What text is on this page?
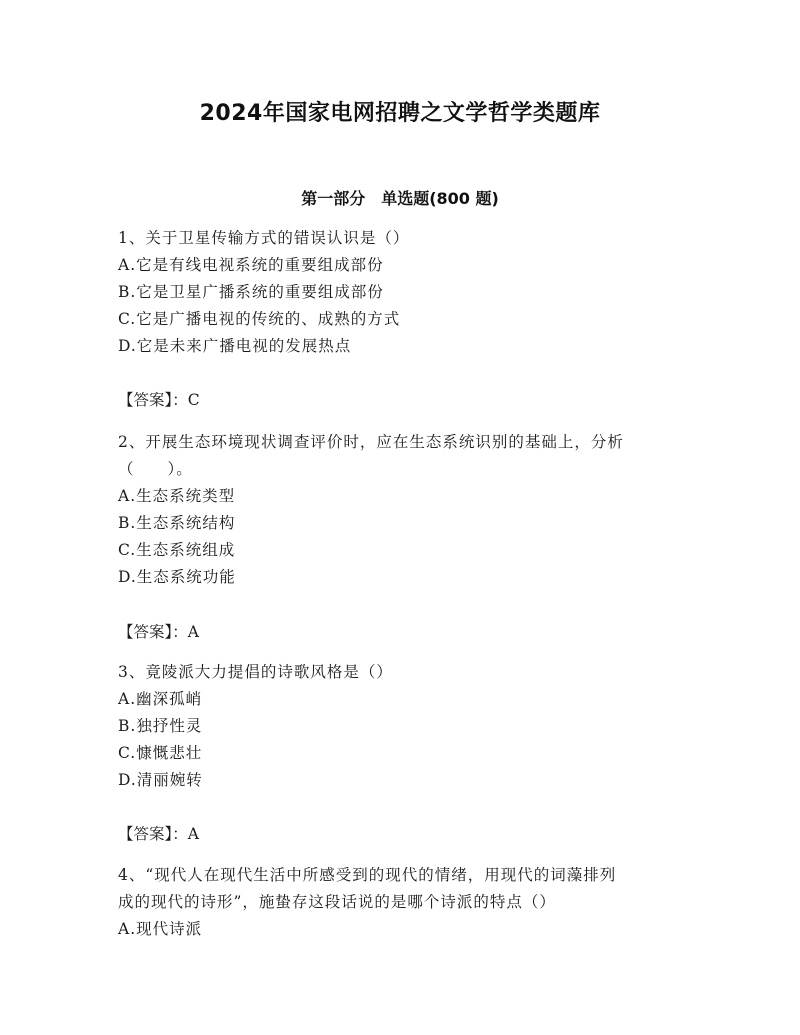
2024年国家电网招聘之文学哲学类题库
第一部分　单选题(800 题)
1、关于卫星传输方式的错误认识是（）
A.它是有线电视系统的重要组成部份
B.它是卫星广播系统的重要组成部份
C.它是广播电视的传统的、成熟的方式
D.它是未来广播电视的发展热点
【答案】：C
2、开展生态环境现状调查评价时，应在生态系统识别的基础上，分析
（　　）。
A.生态系统类型
B.生态系统结构
C.生态系统组成
D.生态系统功能
【答案】：A
3、竟陵派大力提倡的诗歌风格是（）
A.幽深孤峭
B.独抒性灵
C.慷慨悲壮
D.清丽婉转
【答案】：A
4、“现代人在现代生活中所感受到的现代的情绪，用现代的词藻排列
成的现代的诗形”，施蛰存这段话说的是哪个诗派的特点（）
A.现代诗派
